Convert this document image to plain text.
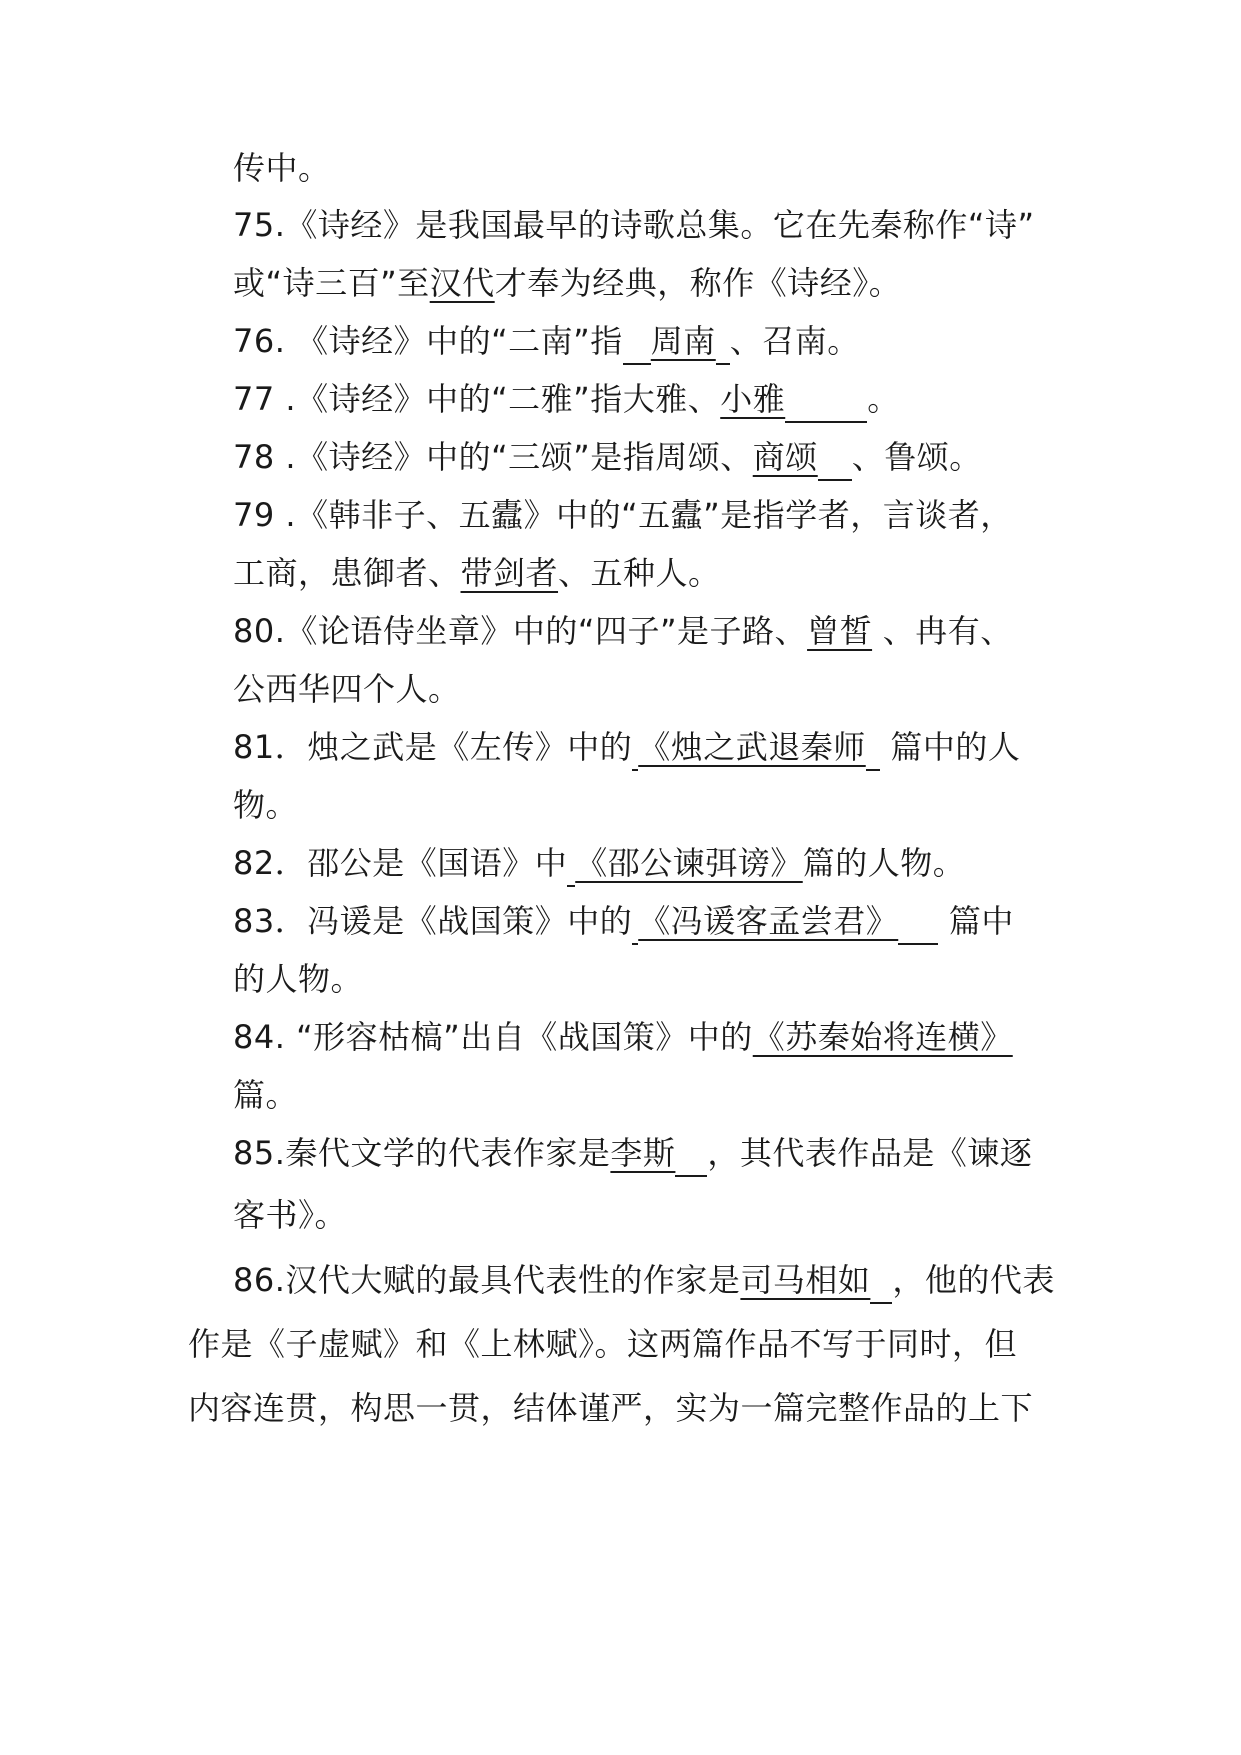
传中。
75.《诗经》是我国最早的诗歌总集。它在先秦称作“诗”
或“诗三百”至汉代才奉为经典，称作《诗经》。
76. 《诗经》中的“二南”指 周南 、召南。
77 .《诗经》中的“二雅”指大雅、小雅	。
78 .《诗经》中的“三颂”是指周颂、商颂 、鲁颂。
79 .《韩非子、五蠹》中的“五蠹”是指学者，言谈者，
工商，患御者、带剑者、五种人。
80.《论语侍坐章》中的“四子”是子路、曾皙 、冉有、
公西华四个人。
81．烛之武是《左传》中的 《烛之武退秦师 篇中的人
物。
82．邵公是《国语》中 《邵公谏弭谤》篇的人物。
83．冯谖是《战国策》中的 《冯谖客孟尝君》 篇中
的人物。
84. “形容枯槁”出自《战国策》中的《苏秦始将连横》
篇。
85.秦代文学的代表作家是李斯 ，其代表作品是《谏逐
客书》。
86.汉代大赋的最具代表性的作家是司马相如 ，他的代表
作是《子虚赋》和《上林赋》。这两篇作品不写于同时，但
内容连贯，构思一贯，结体谨严，实为一篇完整作品的上下
